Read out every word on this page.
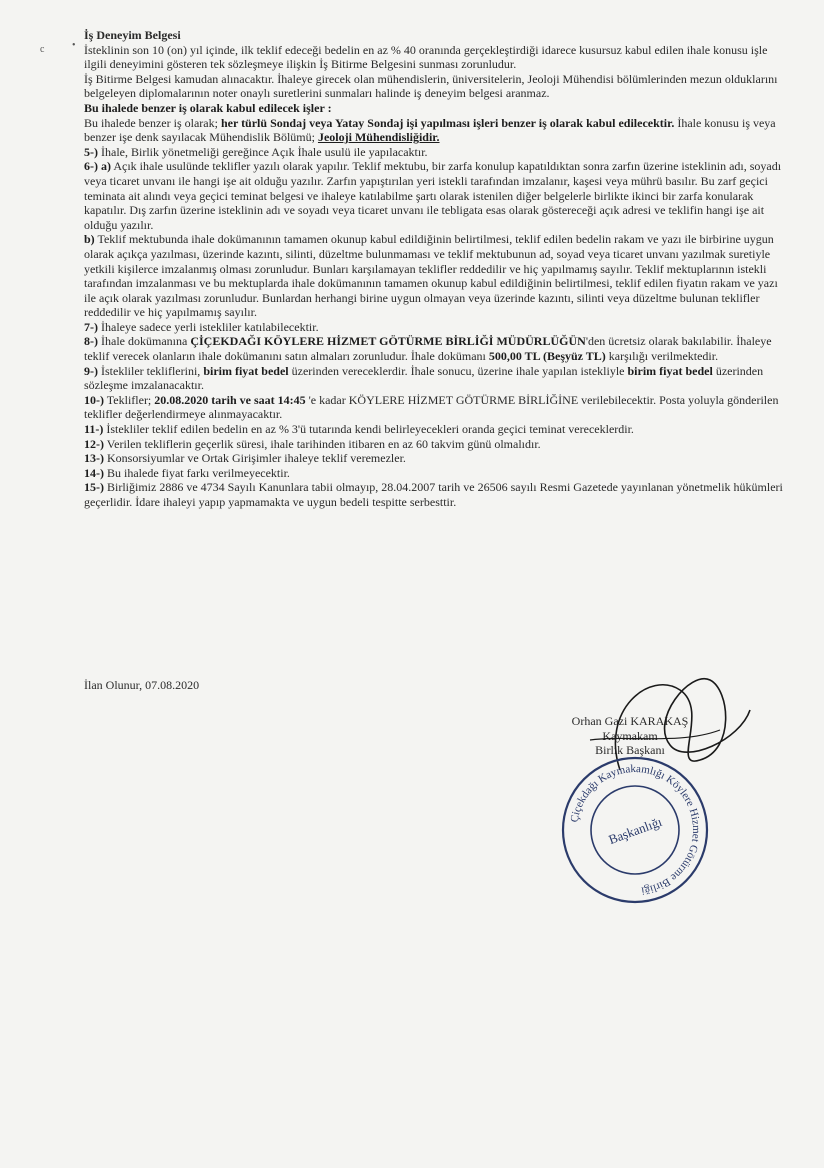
c	•

İş Deneyim Belgesi

İsteklinin son 10 (on) yıl içinde, ilk teklif edeceği bedelin en az % 40 oranında gerçekleştirdiği idarece kusursuz kabul edilen ihale konusu işle ilgili deneyimini gösteren tek sözleşmeye ilişkin İş Bitirme Belgesini sunması zorunludur.

İş Bitirme Belgesi kamudan alınacaktır. İhaleye girecek olan mühendislerin, üniversitelerin, Jeoloji Mühendisi bölümlerinden mezun olduklarını belgeleyen diplomalarının noter onaylı suretlerini sunmaları halinde iş deneyim belgesi aranmaz.

Bu ihalede benzer iş olarak kabul edilecek işler :

Bu ihalede benzer iş olarak; her türlü Sondaj veya Yatay Sondaj işi yapılması işleri benzer iş olarak kabul edilecektir. İhale konusu iş veya benzer işe denk sayılacak Mühendislik Bölümü; Jeoloji Mühendisliğidir.

5-) İhale, Birlik yönetmeliği gereğince Açık İhale usulü ile yapılacaktır.

6-) a) Açık ihale usulünde teklifler yazılı olarak yapılır. Teklif mektubu, bir zarfa konulup kapatıldıktan sonra zarfın üzerine isteklinin adı, soyadı veya ticaret unvanı ile hangi işe ait olduğu yazılır. Zarfın yapıştırılan yeri istekli tarafından imzalanır, kaşesi veya mührü basılır. Bu zarf geçici teminata ait alındı veya geçici teminat belgesi ve ihaleye katılabilme şartı olarak istenilen diğer belgelerle birlikte ikinci bir zarfa konularak kapatılır. Dış zarfın üzerine isteklinin adı ve soyadı veya ticaret unvanı ile tebligata esas olarak göstereceği açık adresi ve teklifin hangi işe ait olduğu yazılır.

b) Teklif mektubunda ihale dokümanının tamamen okunup kabul edildiğinin belirtilmesi, teklif edilen bedelin rakam ve yazı ile birbirine uygun olarak açıkça yazılması, üzerinde kazıntı, silinti, düzeltme bulunmaması ve teklif mektubunun ad, soyad veya ticaret unvanı yazılmak suretiyle yetkili kişilerce imzalanmış olması zorunludur. Bunları karşılamayan teklifler reddedilir ve hiç yapılmamış sayılır. Teklif mektuplarının istekli tarafından imzalanması ve bu mektuplarda ihale dokümanının tamamen okunup kabul edildiğinin belirtilmesi, teklif edilen fiyatın rakam ve yazı ile açık olarak yazılması zorunludur. Bunlardan herhangi birine uygun olmayan veya üzerinde kazıntı, silinti veya düzeltme bulunan teklifler reddedilir ve hiç yapılmamış sayılır.

7-) İhaleye sadece yerli istekliler katılabilecektir.

8-) İhale dokümanına ÇİÇEKDAĞI KÖYLERE HİZMET GÖTÜRME BİRLİĞİ MÜDÜRLÜĞÜN'den ücretsiz olarak bakılabilir. İhaleye teklif verecek olanların ihale dokümanını satın almaları zorunludur. İhale dokümanı 500,00 TL (Beşyüz TL) karşılığı verilmektedir.

9-) İstekliler tekliflerini, birim fiyat bedel üzerinden vereceklerdir. İhale sonucu, üzerine ihale yapılan istekliyle birim fiyat bedel üzerinden sözleşme imzalanacaktır.

10-) Teklifler; 20.08.2020 tarih ve saat 14:45 'e kadar KÖYLERE HİZMET GÖTÜRME BİRLİĞİNE verilebilecektir. Posta yoluyla gönderilen teklifler değerlendirmeye alınmayacaktır.

11-) İstekliler teklif edilen bedelin en az % 3'ü tutarında kendi belirleyecekleri oranda geçici teminat vereceklerdir.

12-) Verilen tekliflerin geçerlik süresi, ihale tarihinden itibaren en az 60 takvim günü olmalıdır.

13-) Konsorsiyumlar ve Ortak Girişimler ihaleye teklif veremezler.

14-) Bu ihalede fiyat farkı verilmeyecektir.

15-) Birliğimiz 2886 ve 4734 Sayılı Kanunlara tabii olmayıp, 28.04.2007 tarih ve 26506 sayılı Resmi Gazetede yayınlanan yönetmelik hükümleri geçerlidir. İdare ihaleyi yapıp yapmamakta ve uygun bedeli tespitte serbesttir.

İlan Olunur, 07.08.2020
Orhan Gazi KARAKAŞ
Kaymakam
Birlik Başkanı
Çiçekdağı Kaymakamlığı Köylere Hizmet Götürme Birliği
Başkanlığı
